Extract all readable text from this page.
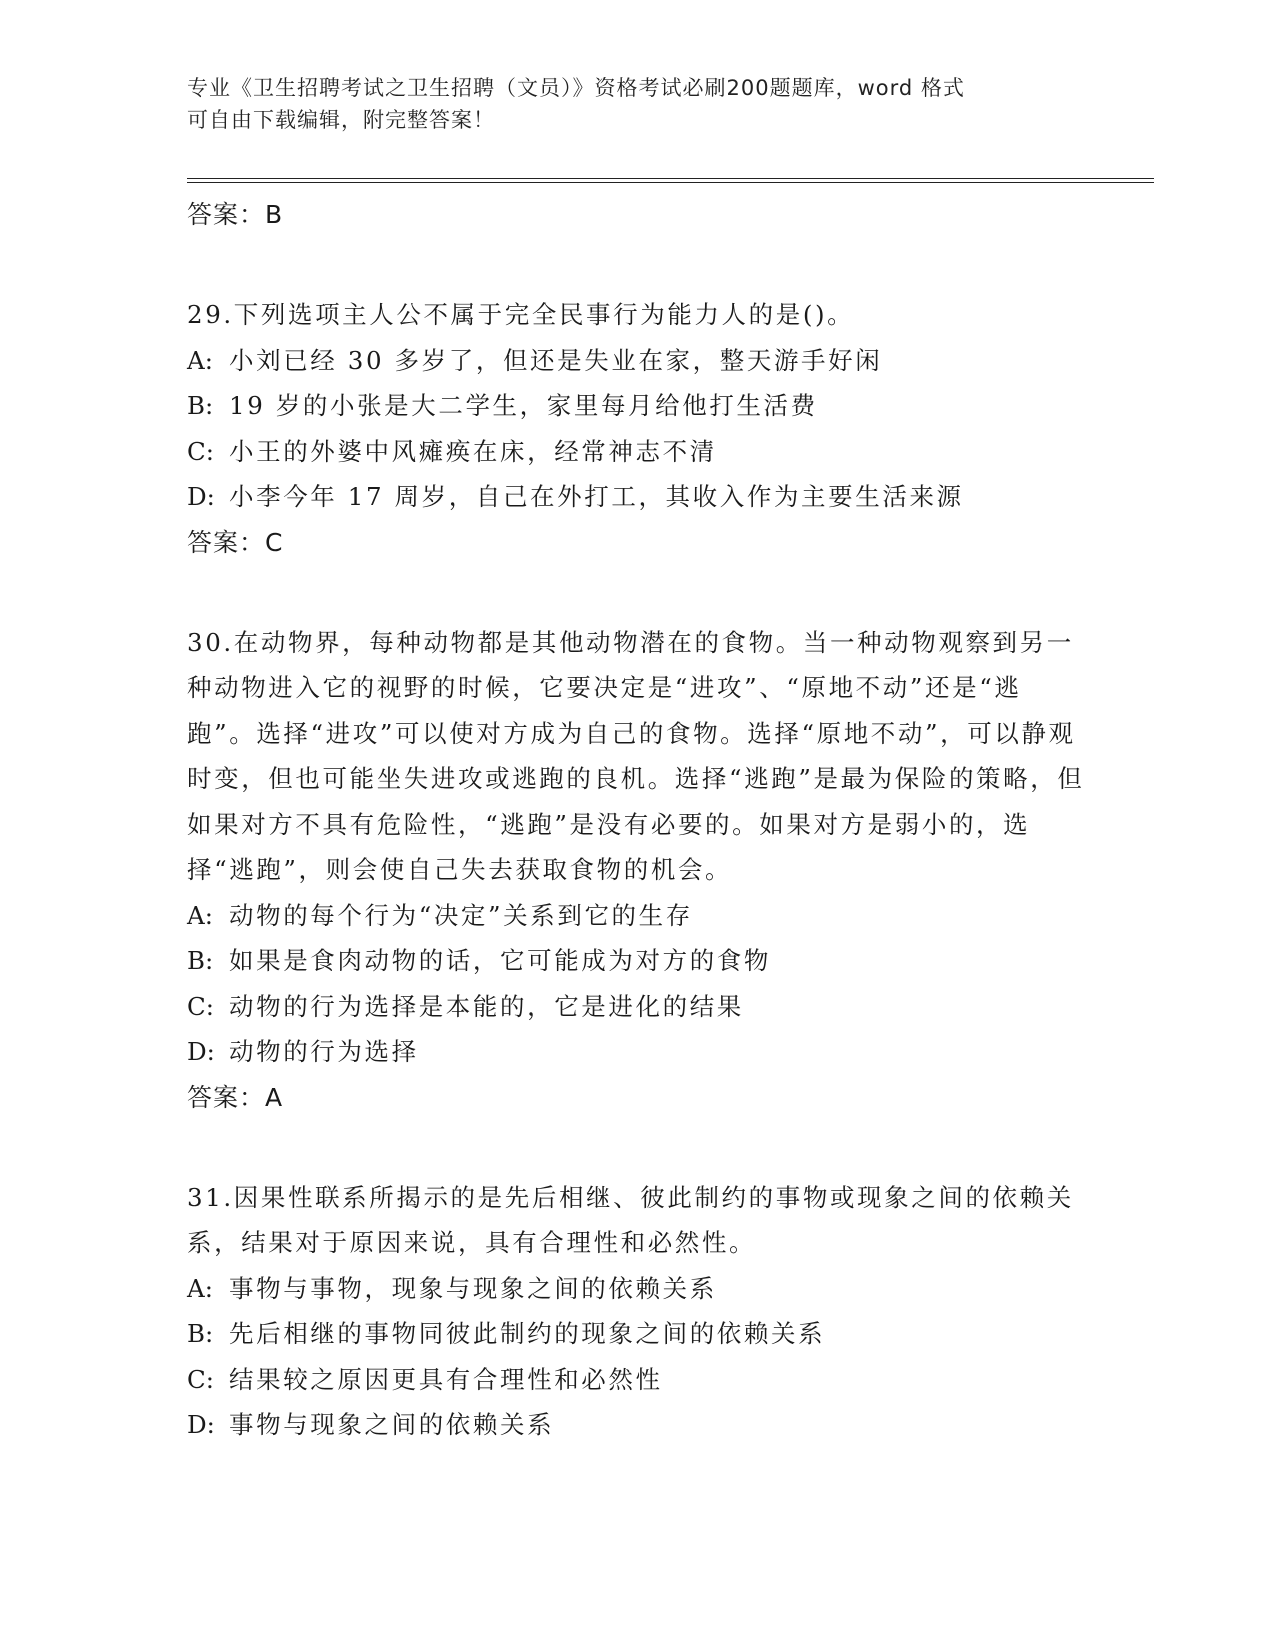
专业《卫生招聘考试之卫生招聘（文员）》资格考试必刷200题题库，word 格式
可自由下载编辑，附完整答案！

答案：B

29.下列选项主人公不属于完全民事行为能力人的是()。

A: 小刘已经 30 多岁了，但还是失业在家，整天游手好闲
B: 19 岁的小张是大二学生，家里每月给他打生活费
C: 小王的外婆中风瘫痪在床，经常神志不清
D: 小李今年 17 周岁，自己在外打工，其收入作为主要生活来源

答案：C

30.在动物界，每种动物都是其他动物潜在的食物。当一种动物观察到另一种动物进入它的视野的时候，它要决定是“进攻”、“原地不动”还是“逃跑”。选择“进攻”可以使对方成为自己的食物。选择“原地不动”，可以静观时变，但也可能坐失进攻或逃跑的良机。选择“逃跑”是最为保险的策略，但如果对方不具有危险性，“逃跑”是没有必要的。如果对方是弱小的，选择“逃跑”，则会使自己失去获取食物的机会。

A: 动物的每个行为“决定”关系到它的生存
B: 如果是食肉动物的话，它可能成为对方的食物
C: 动物的行为选择是本能的，它是进化的结果
D: 动物的行为选择

答案：A

31.因果性联系所揭示的是先后相继、彼此制约的事物或现象之间的依赖关系，结果对于原因来说，具有合理性和必然性。

A: 事物与事物，现象与现象之间的依赖关系
B: 先后相继的事物同彼此制约的现象之间的依赖关系
C: 结果较之原因更具有合理性和必然性
D: 事物与现象之间的依赖关系
